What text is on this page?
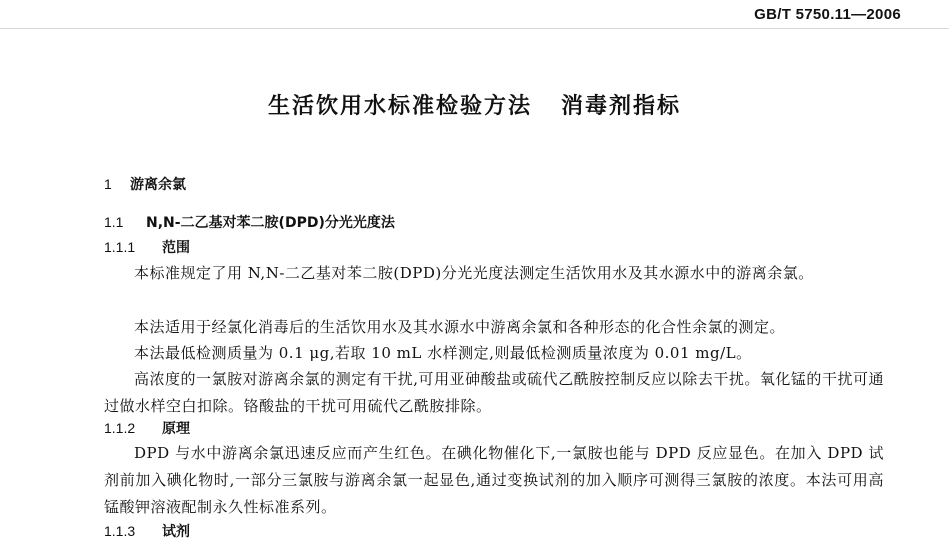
GB/T 5750.11—2006
生活饮用水标准检验方法   消毒剂指标
1 游离余氯
1.1 N,N-二乙基对苯二胺(DPD)分光光度法
1.1.1 范围

本标准规定了用 N,N-二乙基对苯二胺(DPD)分光光度法测定生活饮用水及其水源水中的游离余氯。

本法适用于经氯化消毒后的生活饮用水及其水源水中游离余氯和各种形态的化合性余氯的测定。

本法最低检测质量为 0.1 μg,若取 10 mL 水样测定,则最低检测质量浓度为 0.01 mg/L。

高浓度的一氯胺对游离余氯的测定有干扰,可用亚砷酸盐或硫代乙酰胺控制反应以除去干扰。氧化锰的干扰可通过做水样空白扣除。铬酸盐的干扰可用硫代乙酰胺排除。

1.1.2 原理

DPD 与水中游离余氯迅速反应而产生红色。在碘化物催化下,一氯胺也能与 DPD 反应显色。在加入 DPD 试剂前加入碘化物时,一部分三氯胺与游离余氯一起显色,通过变换试剂的加入顺序可测得三氯胺的浓度。本法可用高锰酸钾溶液配制永久性标准系列。

1.1.3 试剂
